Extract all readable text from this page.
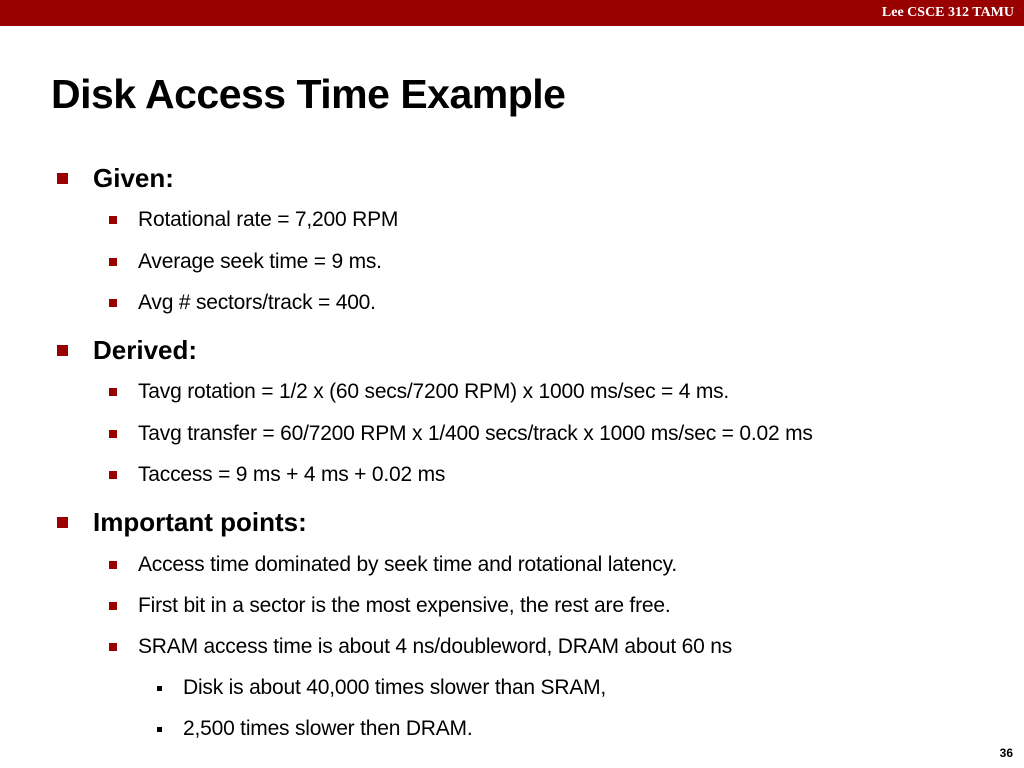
Lee CSCE 312 TAMU
Disk Access Time Example
Given:
Rotational rate = 7,200 RPM
Average seek time = 9 ms.
Avg # sectors/track = 400.
Derived:
Tavg rotation = 1/2 x (60 secs/7200 RPM) x 1000 ms/sec = 4 ms.
Tavg transfer = 60/7200 RPM x 1/400 secs/track x 1000 ms/sec = 0.02 ms
Taccess = 9 ms + 4 ms + 0.02 ms
Important points:
Access time dominated by seek time and rotational latency.
First bit in a sector is the most expensive, the rest are free.
SRAM access time is about 4 ns/doubleword, DRAM about 60 ns
Disk is about 40,000 times slower than SRAM,
2,500 times slower then DRAM.
36
